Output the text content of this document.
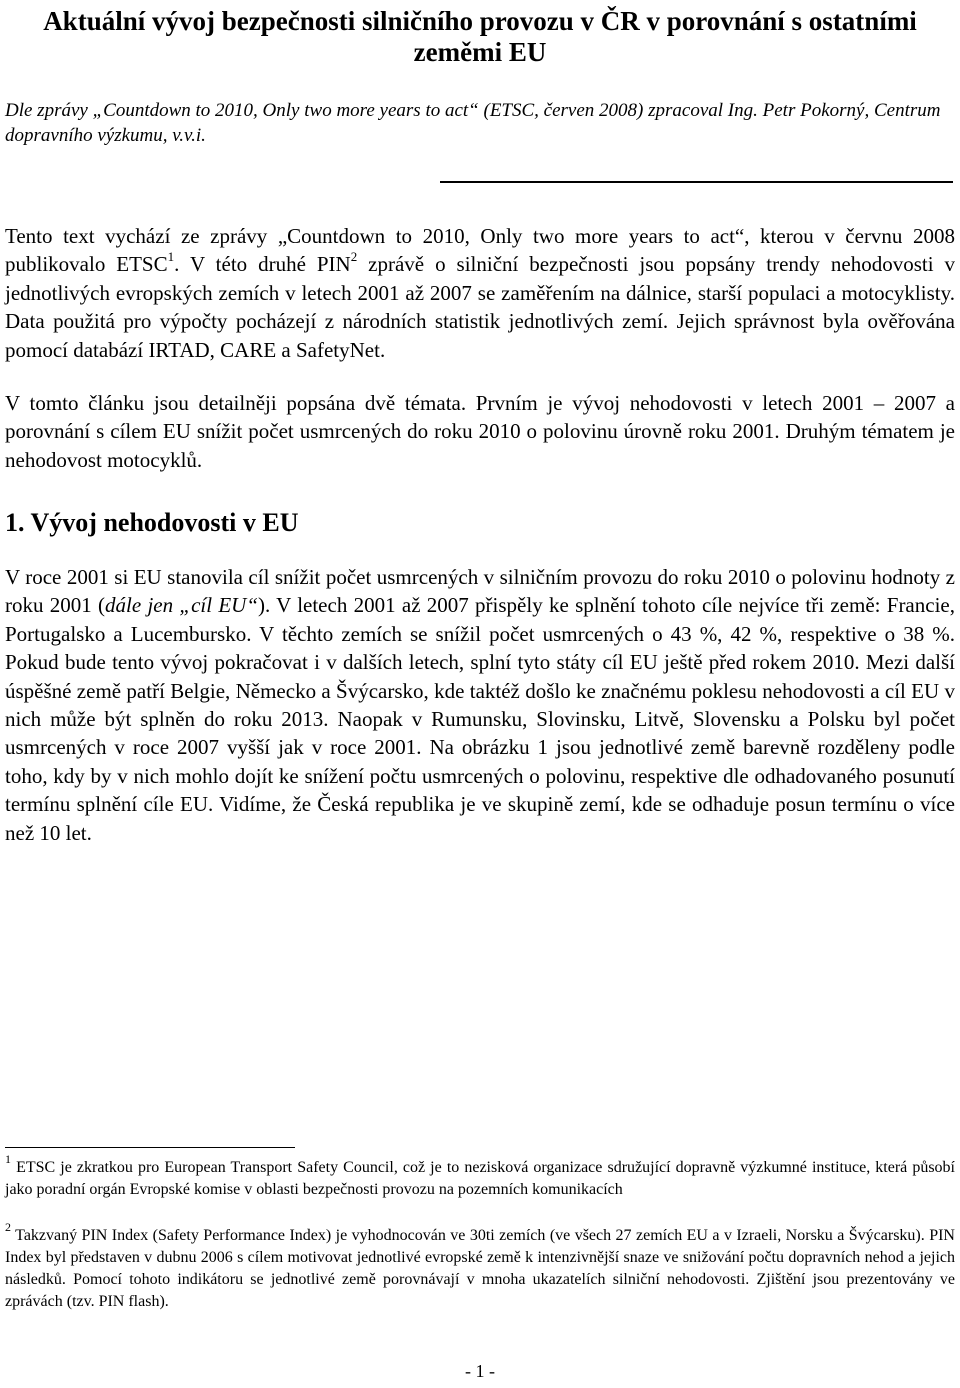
Aktuální vývoj bezpečnosti silničního provozu v ČR v porovnání s ostatními zeměmi EU

Dle zprávy „Countdown to 2010, Only two more years to act“ (ETSC, červen 2008) zpracoval Ing. Petr Pokorný, Centrum dopravního výzkumu, v.v.i.

Tento text vychází ze zprávy „Countdown to 2010, Only two more years to act“, kterou v červnu 2008 publikovalo ETSC$^1$. V této druhé PIN$^2$ zprávě o silniční bezpečnosti jsou popsány trendy nehodovosti v jednotlivých evropských zemích v letech 2001 až 2007 se zaměřením na dálnice, starší populaci a motocyklisty. Data použitá pro výpočty pocházejí z národních statistik jednotlivých zemí. Jejich správnost byla ověřována pomocí databází IRTAD, CARE a SafetyNet.

V tomto článku jsou detailněji popsána dvě témata. Prvním je vývoj nehodovosti v letech 2001 – 2007 a porovnání s cílem EU snížit počet usmrcených do roku 2010 o polovinu úrovně roku 2001. Druhým tématem je nehodovost motocyklů.

1. Vývoj nehodovosti v EU

V roce 2001 si EU stanovila cíl snížit počet usmrcených v silničním provozu do roku 2010 o polovinu hodnoty z roku 2001 (dále jen „cíl EU“). V letech 2001 až 2007 přispěly ke splnění tohoto cíle nejvíce tři země: Francie, Portugalsko a Lucembursko. V těchto zemích se snížil počet usmrcených o 43 %, 42 %, respektive o 38 %. Pokud bude tento vývoj pokračovat i v dalších letech, splní tyto státy cíl EU ještě před rokem 2010. Mezi další úspěšné země patří Belgie, Německo a Švýcarsko, kde taktéž došlo ke značnému poklesu nehodovosti a cíl EU v nich může být splněn do roku 2013. Naopak v Rumunsku, Slovinsku, Litvě, Slovensku a Polsku byl počet usmrcených v roce 2007 vyšší jak v roce 2001. Na obrázku 1 jsou jednotlivé země barevně rozděleny podle toho, kdy by v nich mohlo dojít ke snížení počtu usmrcených o polovinu, respektive dle odhadovaného posunutí termínu splnění cíle EU. Vidíme, že Česká republika je ve skupině zemí, kde se odhaduje posun termínu o více než 10 let.

$^1$ ETSC je zkratkou pro European Transport Safety Council, což je to nezisková organizace sdružující dopravně výzkumné instituce, která působí jako poradní orgán Evropské komise v oblasti bezpečnosti provozu na pozemních komunikacích

$^2$ Takzvaný PIN Index (Safety Performance Index) je vyhodnocován ve 30ti zemích (ve všech 27 zemích EU a v Izraeli, Norsku a Švýcarsku). PIN Index byl představen v dubnu 2006 s cílem motivovat jednotlivé evropské země k intenzivnější snaze ve snižování počtu dopravních nehod a jejich následků. Pomocí tohoto indikátoru se jednotlivé země porovnávají v mnoha ukazatelích silniční nehodovosti. Zjištění jsou prezentovány ve zprávách (tzv. PIN flash).

- 1 -
